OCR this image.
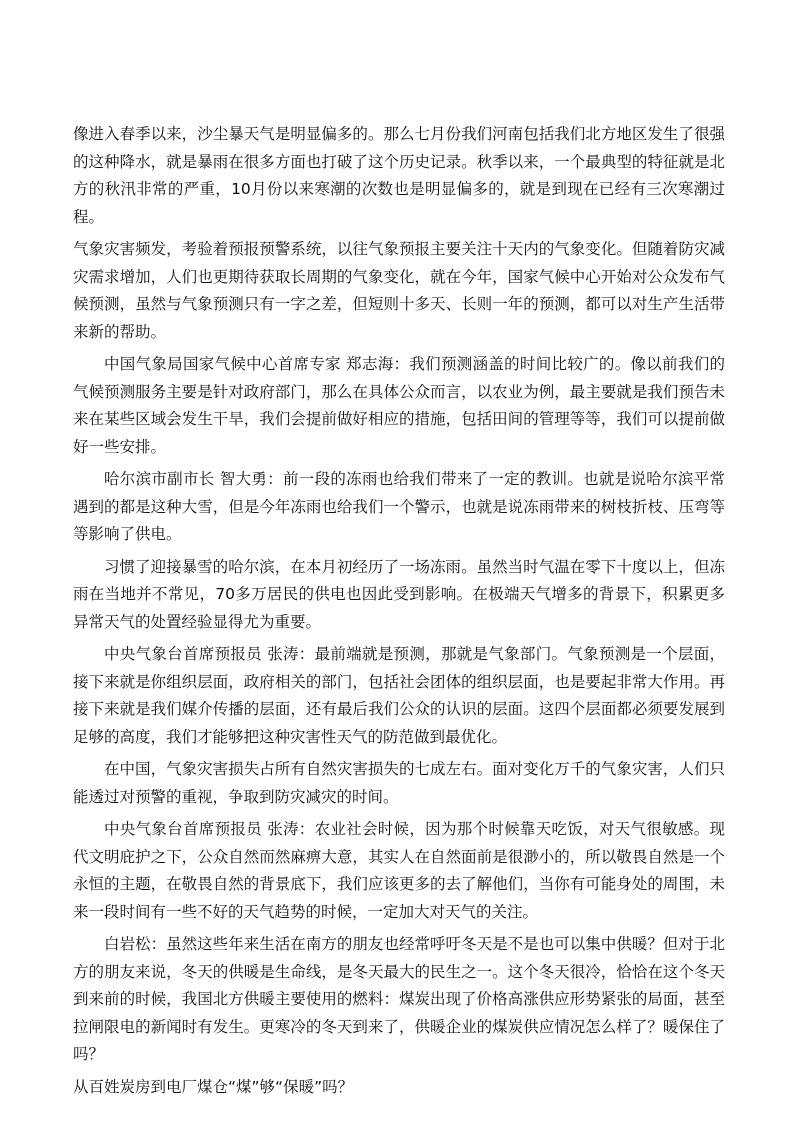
像进入春季以来，沙尘暴天气是明显偏多的。那么七月份我们河南包括我们北方地区发生了很强的这种降水，就是暴雨在很多方面也打破了这个历史记录。秋季以来，一个最典型的特征就是北方的秋汛非常的严重，10月份以来寒潮的次数也是明显偏多的，就是到现在已经有三次寒潮过程。

气象灾害频发，考验着预报预警系统，以往气象预报主要关注十天内的气象变化。但随着防灾减灾需求增加，人们也更期待获取长周期的气象变化，就在今年，国家气候中心开始对公众发布气候预测，虽然与气象预测只有一字之差，但短则十多天、长则一年的预测，都可以对生产生活带来新的帮助。

中国气象局国家气候中心首席专家 郑志海：我们预测涵盖的时间比较广的。像以前我们的气候预测服务主要是针对政府部门，那么在具体公众而言，以农业为例，最主要就是我们预告未来在某些区域会发生干旱，我们会提前做好相应的措施，包括田间的管理等等，我们可以提前做好一些安排。

哈尔滨市副市长 智大勇：前一段的冻雨也给我们带来了一定的教训。也就是说哈尔滨平常遇到的都是这种大雪，但是今年冻雨也给我们一个警示，也就是说冻雨带来的树枝折枝、压弯等等影响了供电。

习惯了迎接暴雪的哈尔滨，在本月初经历了一场冻雨。虽然当时气温在零下十度以上，但冻雨在当地并不常见，70多万居民的供电也因此受到影响。在极端天气增多的背景下，积累更多异常天气的处置经验显得尤为重要。

中央气象台首席预报员 张涛：最前端就是预测，那就是气象部门。气象预测是一个层面，接下来就是你组织层面，政府相关的部门，包括社会团体的组织层面，也是要起非常大作用。再接下来就是我们媒介传播的层面，还有最后我们公众的认识的层面。这四个层面都必须要发展到足够的高度，我们才能够把这种灾害性天气的防范做到最优化。

在中国，气象灾害损失占所有自然灾害损失的七成左右。面对变化万千的气象灾害，人们只能透过对预警的重视，争取到防灾减灾的时间。

中央气象台首席预报员 张涛：农业社会时候，因为那个时候靠天吃饭，对天气很敏感。现代文明庇护之下，公众自然而然麻痹大意，其实人在自然面前是很渺小的，所以敬畏自然是一个永恒的主题，在敬畏自然的背景底下，我们应该更多的去了解他们，当你有可能身处的周围，未来一段时间有一些不好的天气趋势的时候，一定加大对天气的关注。

白岩松：虽然这些年来生活在南方的朋友也经常呼吁冬天是不是也可以集中供暖？但对于北方的朋友来说，冬天的供暖是生命线，是冬天最大的民生之一。这个冬天很冷，恰恰在这个冬天到来前的时候，我国北方供暖主要使用的燃料：煤炭出现了价格高涨供应形势紧张的局面，甚至拉闸限电的新闻时有发生。更寒冷的冬天到来了，供暖企业的煤炭供应情况怎么样了？暖保住了吗？

从百姓炭房到电厂煤仓“煤”够“保暖”吗？
